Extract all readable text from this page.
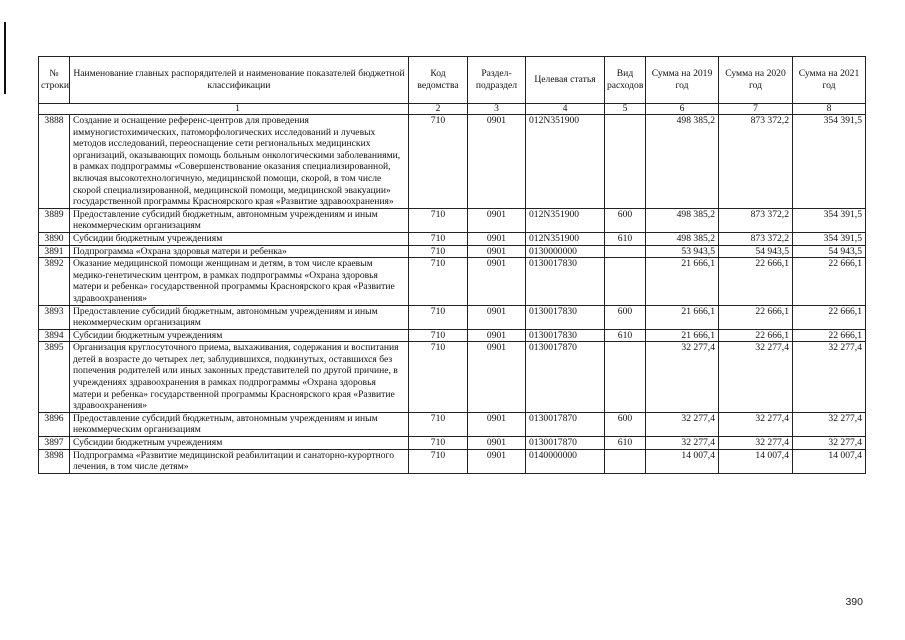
№ строки	Наименование главных распорядителей и наименование показателей бюджетной классификации	Код ведомства	Раздел-подраздел	Целевая статья	Вид расходов	Сумма на 2019 год	Сумма на 2020 год	Сумма на 2021 год
1		2	3	4	5	6	7	8
3888	Создание и оснащение референс-центров для проведения иммуногистохимических, патоморфологических исследований и лучевых методов исследований, переоснащение сети региональных медицинских организаций, оказывающих помощь больным онкологическими заболеваниями, в рамках подпрограммы «Совершенствование оказания специализированной, включая высокотехнологичную, медицинской помощи, скорой, в том числе скорой специализированной, медицинской помощи, медицинской эвакуации» государственной программы Красноярского края «Развитие здравоохранения»	710	0901	012N351900		498 385,2	873 372,2	354 391,5
3889	Предоставление субсидий бюджетным, автономным учреждениям и иным некоммерческим организациям	710	0901	012N351900	600	498 385,2	873 372,2	354 391,5
3890	Субсидии бюджетным учреждениям	710	0901	012N351900	610	498 385,2	873 372,2	354 391,5
3891	Подпрограмма «Охрана здоровья матери и ребенка»	710	0901	0130000000		53 943,5	54 943,5	54 943,5
3892	Оказание медицинской помощи женщинам и детям, в том числе краевым медико-генетическим центром, в рамках подпрограммы «Охрана здоровья матери и ребенка» государственной программы Красноярского края «Развитие здравоохранения»	710	0901	0130017830		21 666,1	22 666,1	22 666,1
3893	Предоставление субсидий бюджетным, автономным учреждениям и иным некоммерческим организациям	710	0901	0130017830	600	21 666,1	22 666,1	22 666,1
3894	Субсидии бюджетным учреждениям	710	0901	0130017830	610	21 666,1	22 666,1	22 666,1
3895	Организация круглосуточного приема, выхаживания, содержания и воспитания детей в возрасте до четырех лет, заблудившихся, подкинутых, оставшихся без попечения родителей или иных законных представителей по другой причине, в учреждениях здравоохранения в рамках подпрограммы «Охрана здоровья матери и ребенка» государственной программы Красноярского края «Развитие здравоохранения»	710	0901	0130017870		32 277,4	32 277,4	32 277,4
3896	Предоставление субсидий бюджетным, автономным учреждениям и иным некоммерческим организациям	710	0901	0130017870	600	32 277,4	32 277,4	32 277,4
3897	Субсидии бюджетным учреждениям	710	0901	0130017870	610	32 277,4	32 277,4	32 277,4
3898	Подпрограмма «Развитие медицинской реабилитации и санаторно-курортного лечения, в том числе детям»	710	0901	0140000000		14 007,4	14 007,4	14 007,4
390
